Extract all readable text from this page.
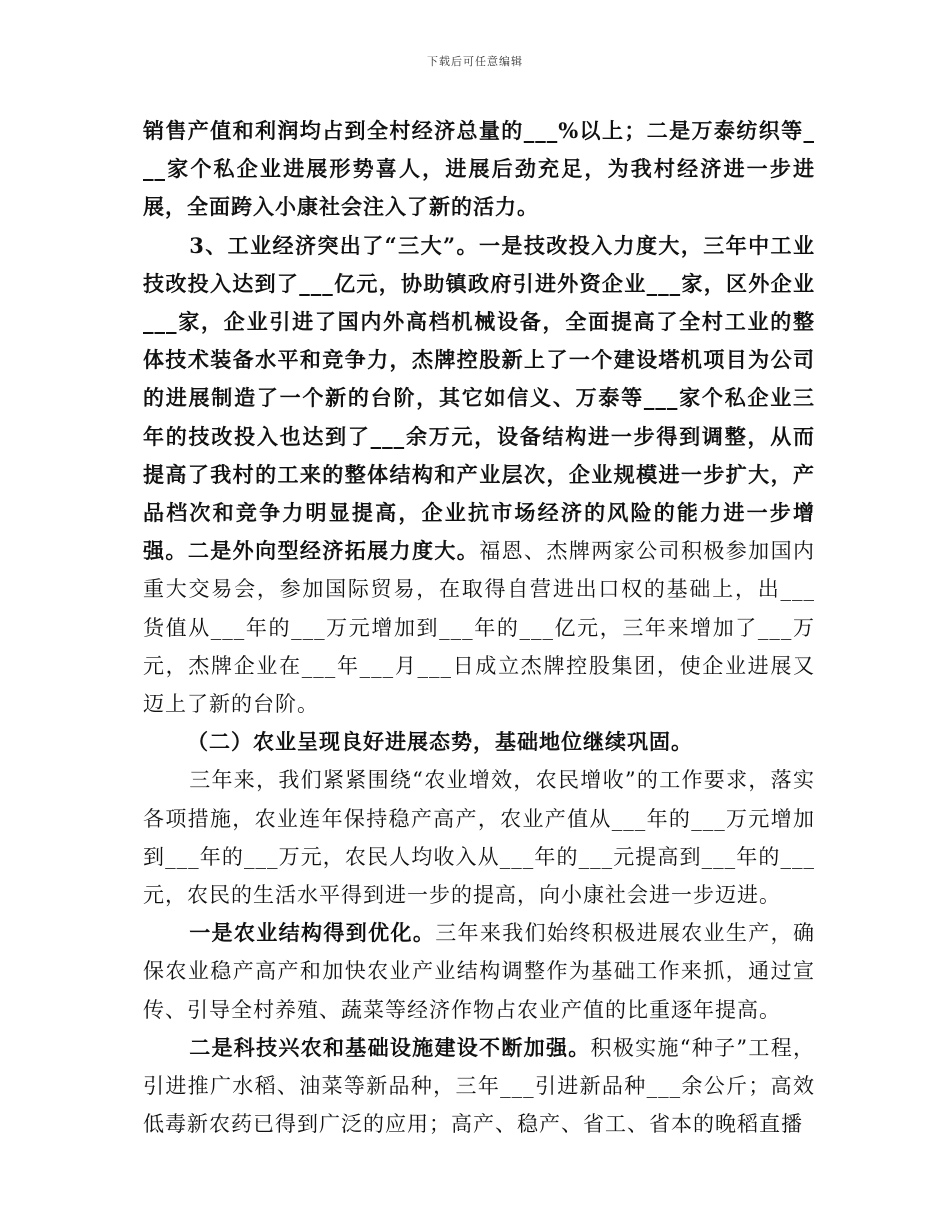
下载后可任意编辑

销售产值和利润均占到全村经济总量的___%以上；二是万泰纺织等___家个私企业进展形势喜人，进展后劲充足，为我村经济进一步进展，全面跨入小康社会注入了新的活力。

3、工业经济突出了“三大”。一是技改投入力度大，三年中工业技改投入达到了___亿元，协助镇政府引进外资企业___家，区外企业___家，企业引进了国内外高档机械设备，全面提高了全村工业的整体技术装备水平和竞争力，杰牌控股新上了一个建设塔机项目为公司的进展制造了一个新的台阶，其它如信义、万泰等___家个私企业三年的技改投入也达到了___余万元，设备结构进一步得到调整，从而提高了我村的工来的整体结构和产业层次，企业规模进一步扩大，产品档次和竞争力明显提高，企业抗市场经济的风险的能力进一步增强。二是外向型经济拓展力度大。福恩、杰牌两家公司积极参加国内重大交易会，参加国际贸易，在取得自营进出口权的基础上，出___货值从___年的___万元增加到___年的___亿元，三年来增加了___万元，杰牌企业在___年___月___日成立杰牌控股集团，使企业进展又迈上了新的台阶。

（二）农业呈现良好进展态势，基础地位继续巩固。

三年来，我们紧紧围绕“农业增效，农民增收”的工作要求，落实各项措施，农业连年保持稳产高产，农业产值从___年的___万元增加到___年的___万元，农民人均收入从___年的___元提高到___年的___元，农民的生活水平得到进一步的提高，向小康社会进一步迈进。

一是农业结构得到优化。三年来我们始终积极进展农业生产，确保农业稳产高产和加快农业产业结构调整作为基础工作来抓，通过宣传、引导全村养殖、蔬菜等经济作物占农业产值的比重逐年提高。

二是科技兴农和基础设施建设不断加强。积极实施“种子”工程，引进推广水稻、油菜等新品种，三年___引进新品种___余公斤；高效低毒新农药已得到广泛的应用；高产、稳产、省工、省本的晚稻直播
